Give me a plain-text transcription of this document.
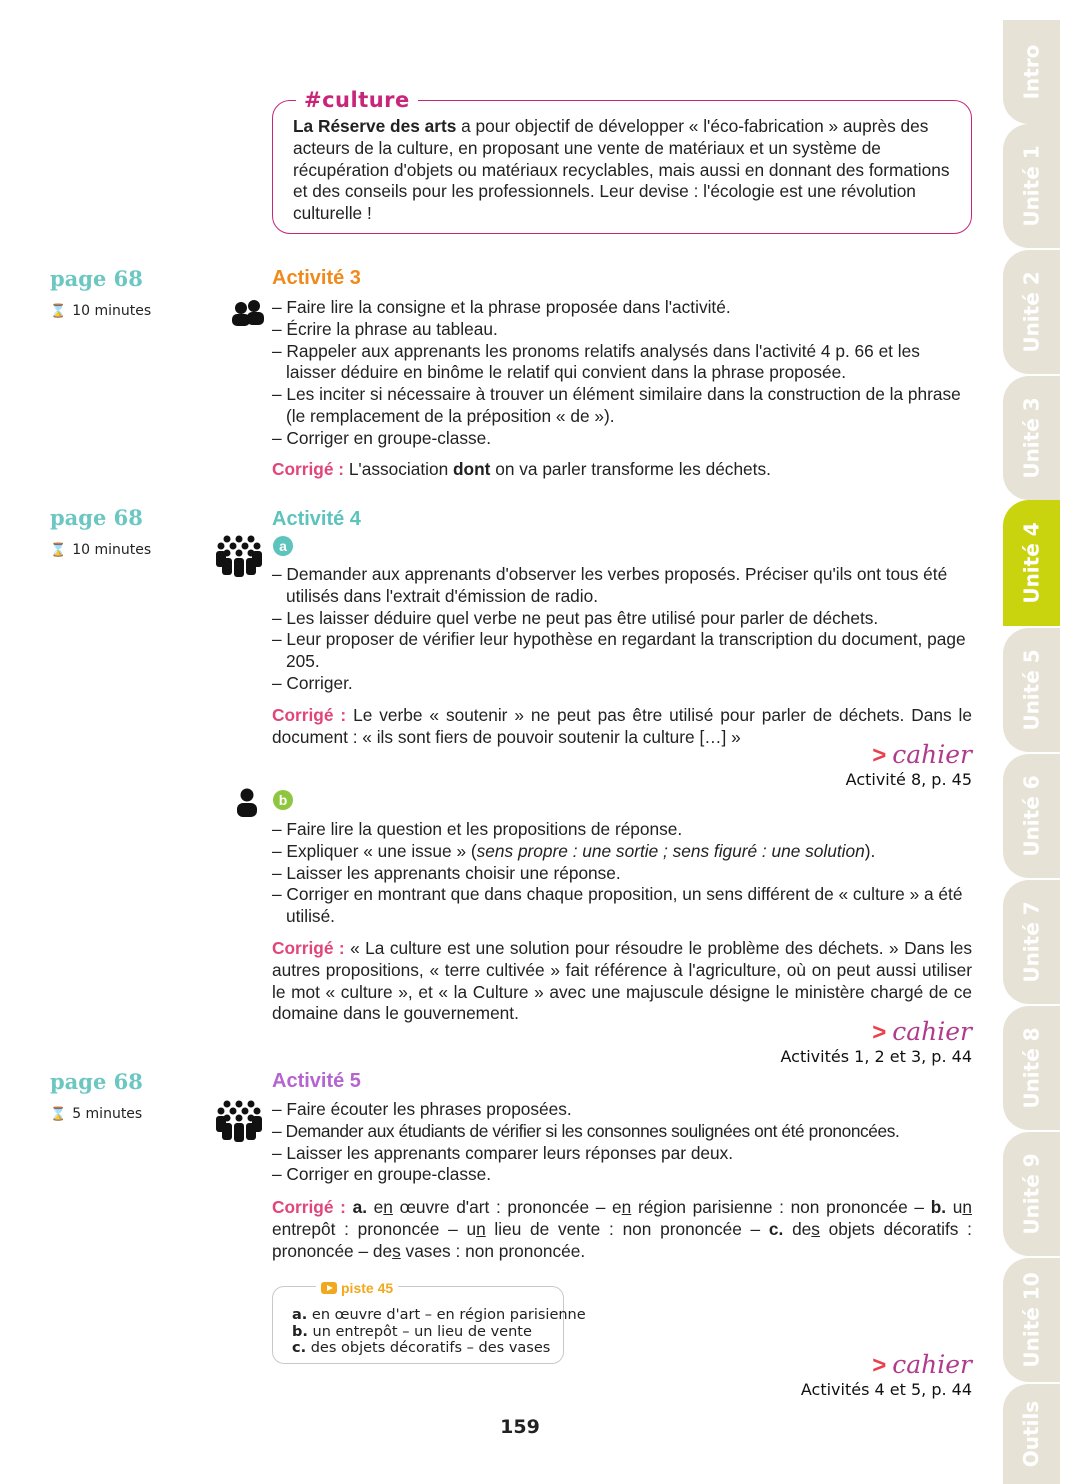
#culture
La Réserve des arts a pour objectif de développer « l'éco-fabrication » auprès des acteurs de la culture, en proposant une vente de matériaux et un système de récupération d'objets ou matériaux recyclables, mais aussi en donnant des formations et des conseils pour les professionnels. Leur devise : l'écologie est une révolution culturelle !
page 68
⌛ 10 minutes
Activité 3
– Faire lire la consigne et la phrase proposée dans l'activité.
– Écrire la phrase au tableau.
– Rappeler aux apprenants les pronoms relatifs analysés dans l'activité 4 p. 66 et les laisser déduire en binôme le relatif qui convient dans la phrase proposée.
– Les inciter si nécessaire à trouver un élément similaire dans la construction de la phrase (le remplacement de la préposition « de »).
– Corriger en groupe-classe.
Corrigé : L'association dont on va parler transforme les déchets.
page 68
⌛ 10 minutes
Activité 4
a
– Demander aux apprenants d'observer les verbes proposés. Préciser qu'ils ont tous été utilisés dans l'extrait d'émission de radio.
– Les laisser déduire quel verbe ne peut pas être utilisé pour parler de déchets.
– Leur proposer de vérifier leur hypothèse en regardant la transcription du document, page 205.
– Corriger.
Corrigé : Le verbe « soutenir » ne peut pas être utilisé pour parler de déchets. Dans le document : « ils sont fiers de pouvoir soutenir la culture […] »
> cahier
Activité 8, p. 45
b
– Faire lire la question et les propositions de réponse.
– Expliquer « une issue » (sens propre : une sortie ; sens figuré : une solution).
– Laisser les apprenants choisir une réponse.
– Corriger en montrant que dans chaque proposition, un sens différent de « culture » a été utilisé.
Corrigé : « La culture est une solution pour résoudre le problème des déchets. » Dans les autres propositions, « terre cultivée » fait référence à l'agriculture, où on peut aussi utiliser le mot « culture », et « la Culture » avec une majuscule désigne le ministère chargé de ce domaine dans le gouvernement.
> cahier
Activités 1, 2 et 3, p. 44
page 68
⌛ 5 minutes
Activité 5
– Faire écouter les phrases proposées.
– Demander aux étudiants de vérifier si les consonnes soulignées ont été prononcées.
– Laisser les apprenants comparer leurs réponses par deux.
– Corriger en groupe-classe.
Corrigé : a. en œuvre d'art : prononcée – en région parisienne : non prononcée – b. un entrepôt : prononcée – un lieu de vente : non prononcée – c. des objets décoratifs : prononcée – des vases : non prononcée.
piste 45
a. en œuvre d'art – en région parisienne
b. un entrepôt – un lieu de vente
c. des objets décoratifs – des vases
> cahier
Activités 4 et 5, p. 44
159
Intro
Unité 1
Unité 2
Unité 3
Unité 4
Unité 5
Unité 6
Unité 7
Unité 8
Unité 9
Unité 10
Outils
